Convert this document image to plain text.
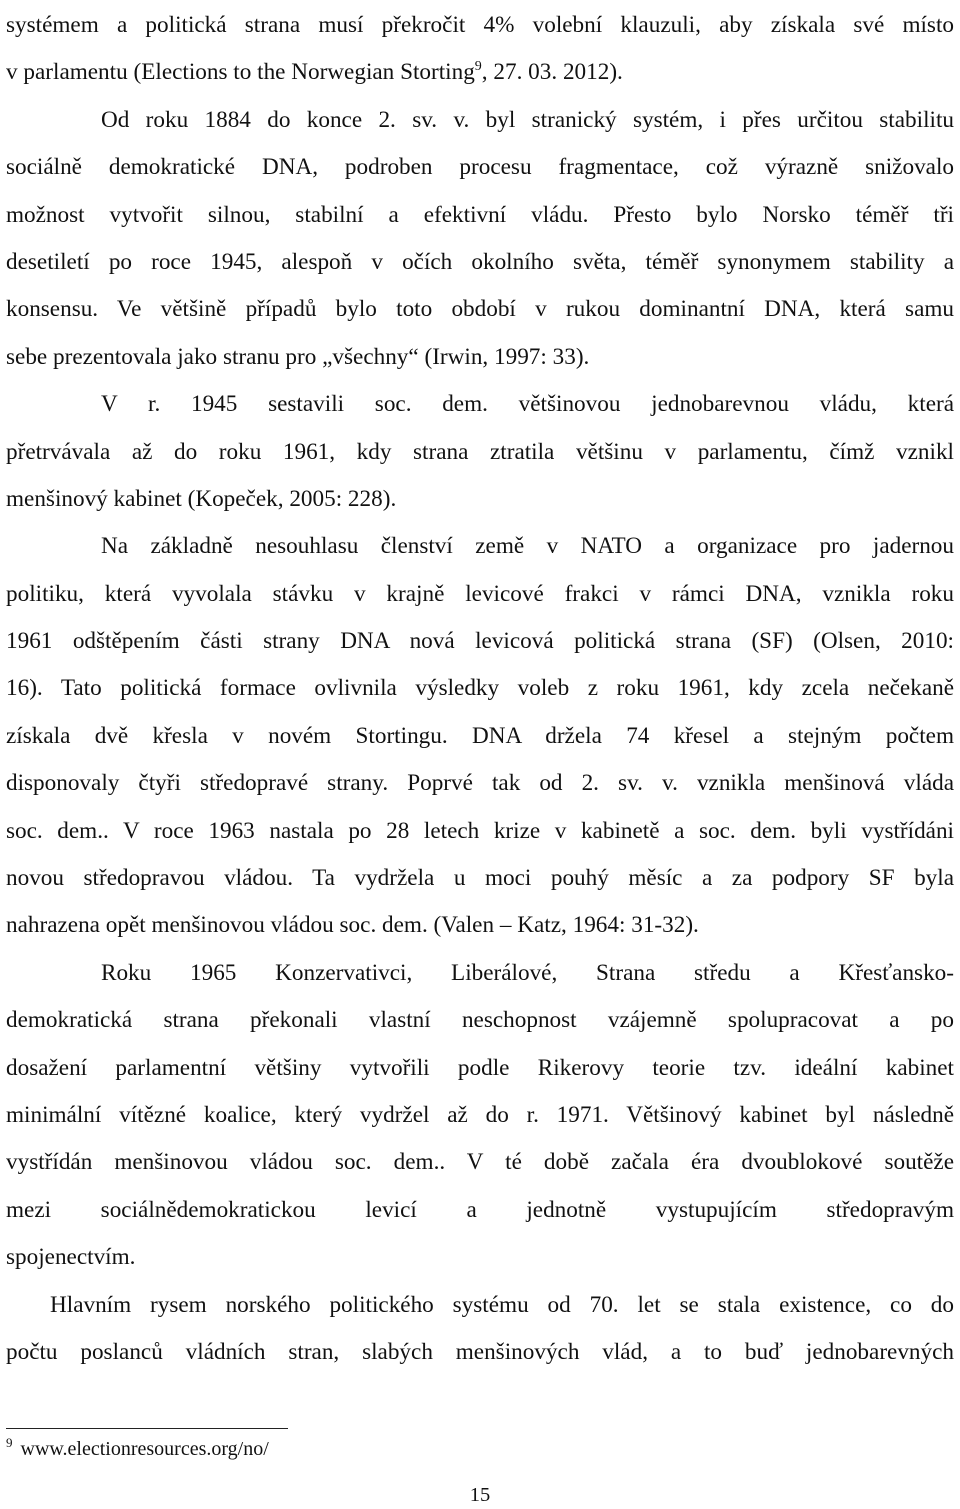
systémem a politická strana musí překročit 4% volební klauzuli, aby získala své místo
v parlamentu (Elections to the Norwegian Storting$^9$, 27. 03. 2012).
Od roku 1884 do konce 2. sv. v. byl stranický systém, i přes určitou stabilitu
sociálně demokratické DNA, podroben procesu fragmentace, což výrazně snižovalo
možnost vytvořit silnou, stabilní a efektivní vládu. Přesto bylo Norsko téměř tři
desetiletí po roce 1945, alespoň v očích okolního světa, téměř synonymem stability a
konsensu. Ve většině případů bylo toto období v rukou dominantní DNA, která samu
sebe prezentovala jako stranu pro „všechny“ (Irwin, 1997: 33).
V r. 1945 sestavili soc. dem. většinovou jednobarevnou vládu, která
přetrvávala až do roku 1961, kdy strana ztratila většinu v parlamentu, čímž vznikl
menšinový kabinet (Kopeček, 2005: 228).
Na základně nesouhlasu členství země v NATO a organizace pro jadernou
politiku, která vyvolala stávku v krajně levicové frakci v rámci DNA, vznikla roku
1961 odštěpením části strany DNA nová levicová politická strana (SF) (Olsen, 2010:
16). Tato politická formace ovlivnila výsledky voleb z roku 1961, kdy zcela nečekaně
získala dvě křesla v novém Stortingu. DNA držela 74 křesel a stejným počtem
disponovaly čtyři středopravé strany. Poprvé tak od 2. sv. v. vznikla menšinová vláda
soc. dem.. V roce 1963 nastala po 28 letech krize v kabinetě a soc. dem. byli vystřídáni
novou středopravou vládou. Ta vydržela u moci pouhý měsíc a za podpory SF byla
nahrazena opět menšinovou vládou soc. dem. (Valen – Katz, 1964: 31-32).
Roku 1965 Konzervativci, Liberálové, Strana středu a Křesťansko-
demokratická strana překonali vlastní neschopnost vzájemně spolupracovat a po
dosažení parlamentní většiny vytvořili podle Rikerovy teorie tzv. ideální kabinet
minimální vítězné koalice, který vydržel až do r. 1971. Většinový kabinet byl následně
vystřídán menšinovou vládou soc. dem.. V té době začala éra dvoublokové soutěže
mezi sociálnědemokratickou levicí a jednotně vystupujícím středopravým
spojenectvím.
Hlavním rysem norského politického systému od 70. let se stala existence, co do
počtu poslanců vládních stran, slabých menšinových vlád, a to buď jednobarevných
$^9$ www.electionresources.org/no/
15
